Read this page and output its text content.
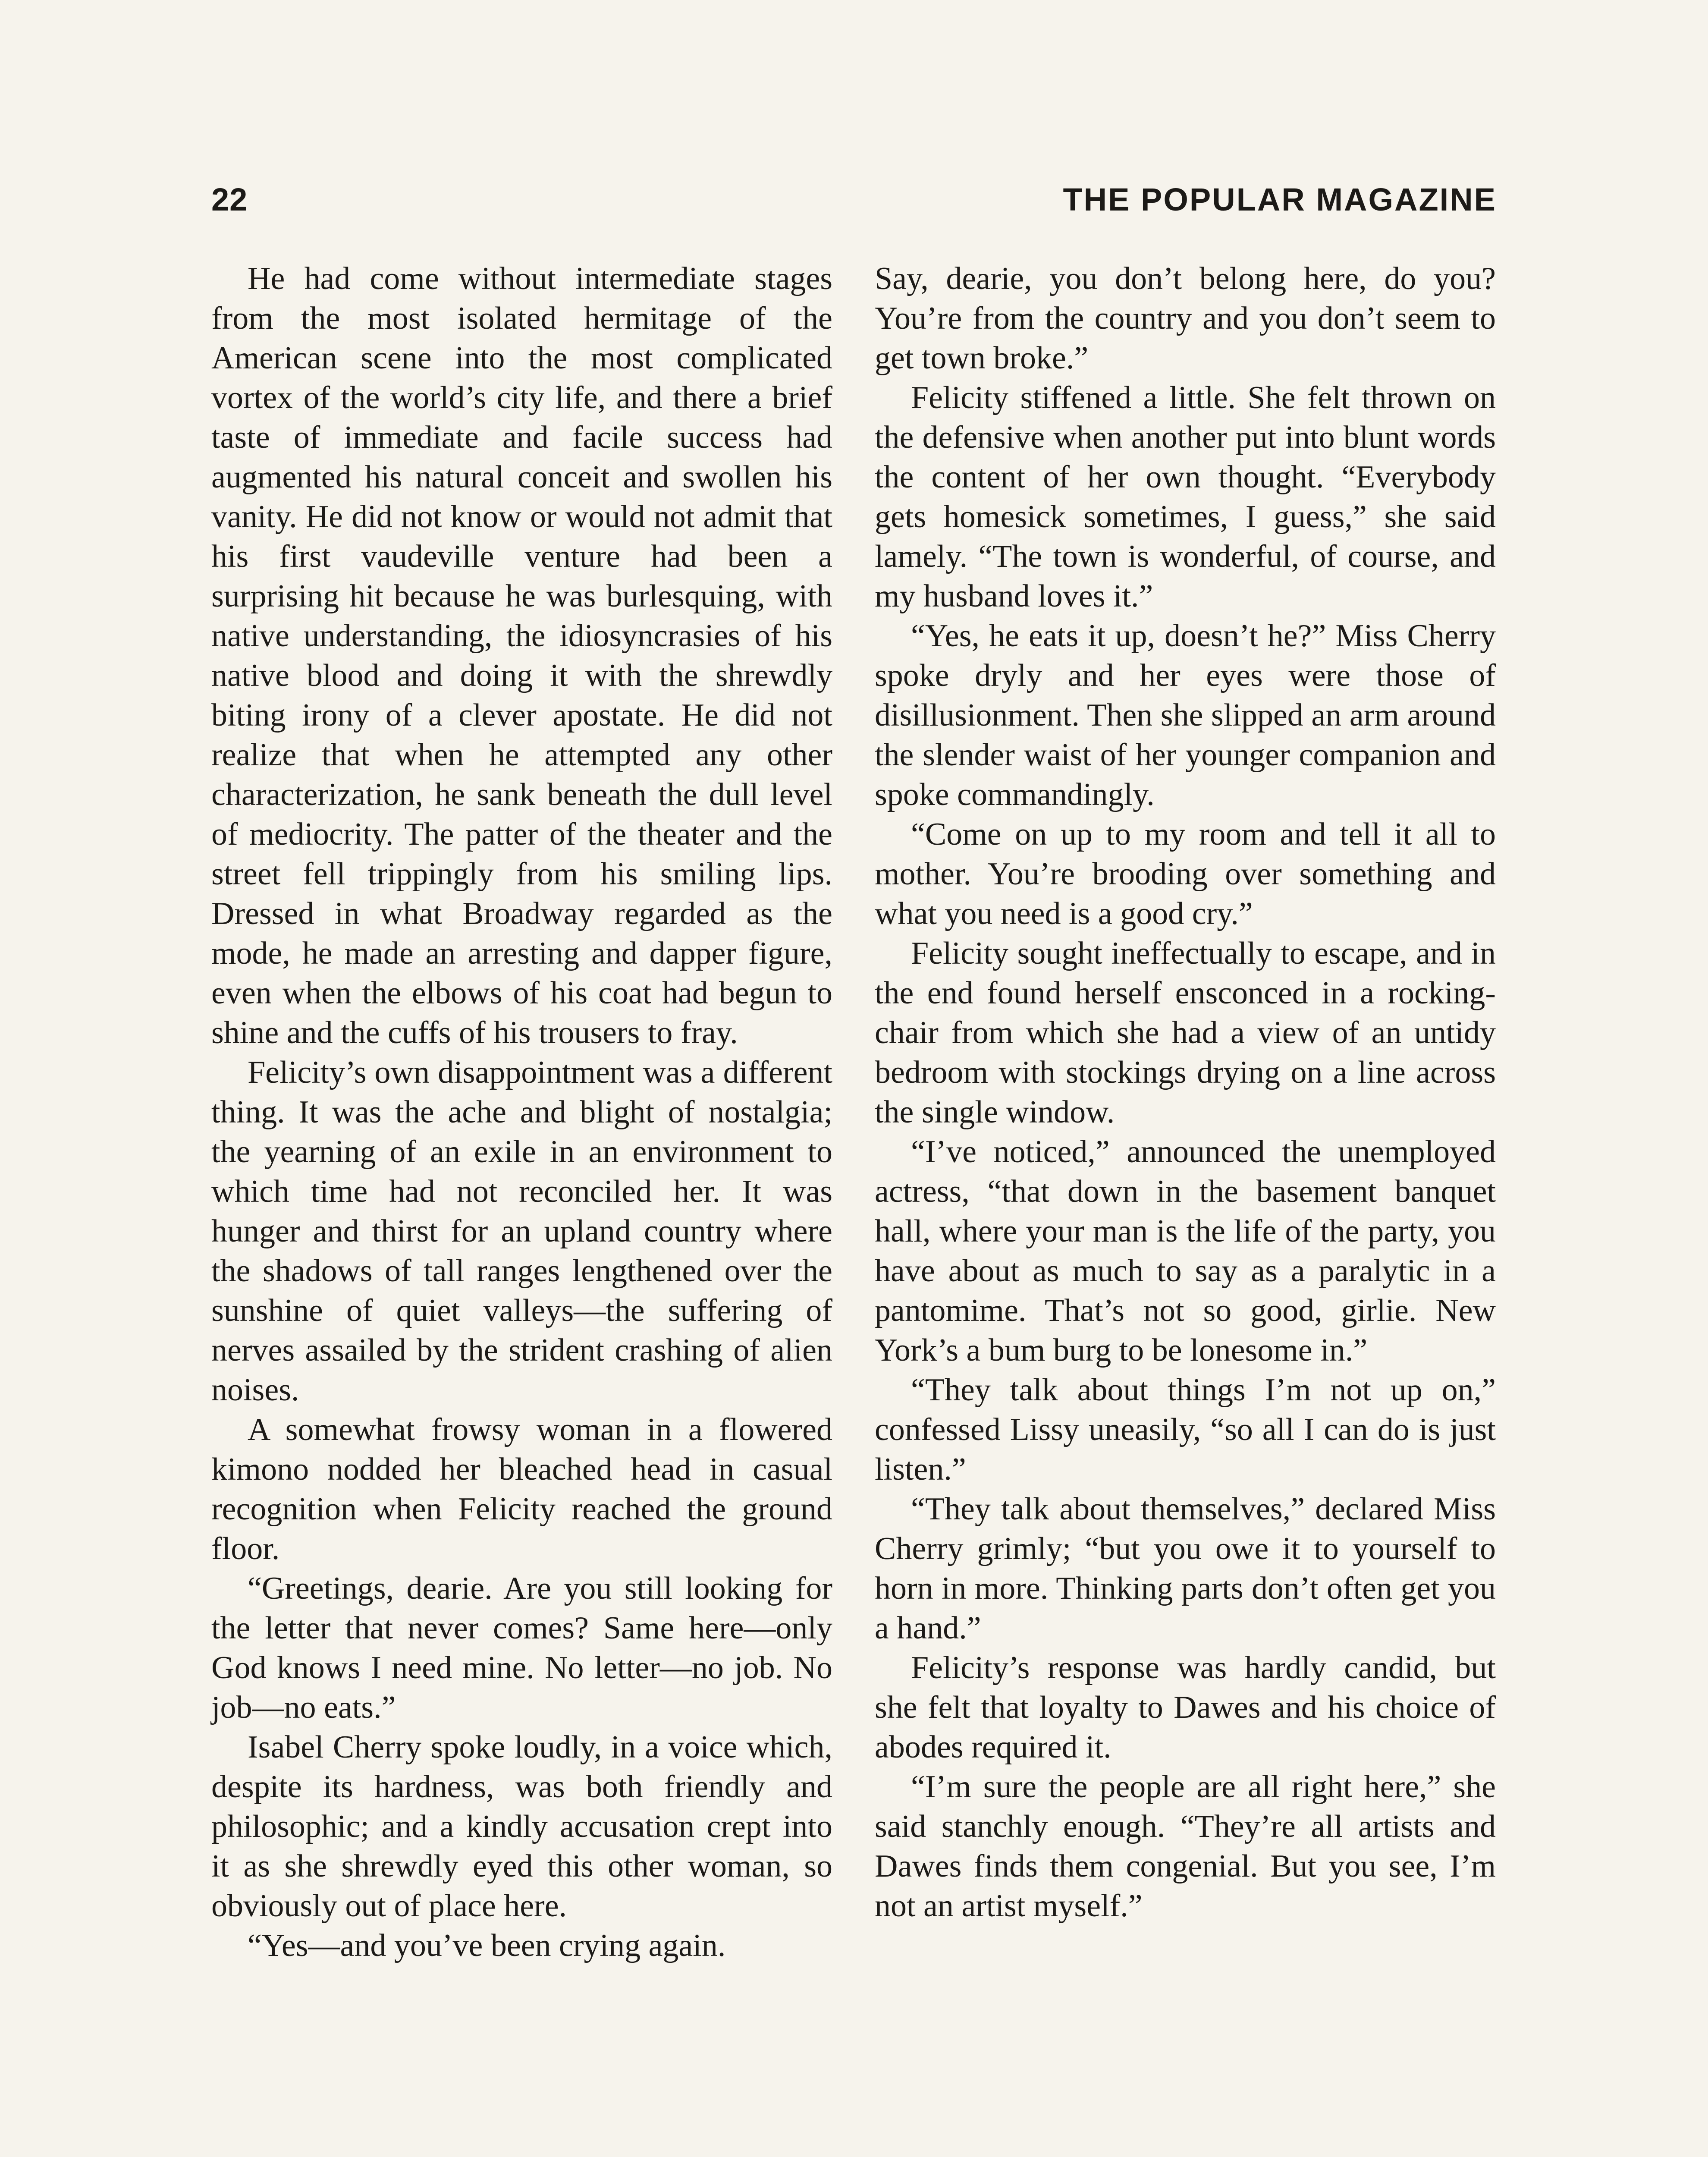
22	THE POPULAR MAGAZINE

He had come without intermediate stages from the most isolated hermitage of the American scene into the most complicated vortex of the world’s city life, and there a brief taste of immediate and facile success had augmented his natural conceit and swollen his vanity. He did not know or would not admit that his first vaudeville venture had been a surprising hit because he was burlesquing, with native understanding, the idiosyncrasies of his native blood and doing it with the shrewdly biting irony of a clever apostate. He did not realize that when he attempted any other characterization, he sank beneath the dull level of mediocrity. The patter of the theater and the street fell trippingly from his smiling lips. Dressed in what Broadway regarded as the mode, he made an arresting and dapper figure, even when the elbows of his coat had begun to shine and the cuffs of his trousers to fray.

Felicity’s own disappointment was a different thing. It was the ache and blight of nostalgia; the yearning of an exile in an environment to which time had not reconciled her. It was hunger and thirst for an upland country where the shadows of tall ranges lengthened over the sunshine of quiet valleys—the suffering of nerves assailed by the strident crashing of alien noises.

A somewhat frowsy woman in a flowered kimono nodded her bleached head in casual recognition when Felicity reached the ground floor.

“Greetings, dearie. Are you still looking for the letter that never comes? Same here—only God knows I need mine. No letter—no job. No job—no eats.”

Isabel Cherry spoke loudly, in a voice which, despite its hardness, was both friendly and philosophic; and a kindly accusation crept into it as she shrewdly eyed this other woman, so obviously out of place here.

“Yes—and you’ve been crying again.

Say, dearie, you don’t belong here, do you? You’re from the country and you don’t seem to get town broke.”

Felicity stiffened a little. She felt thrown on the defensive when another put into blunt words the content of her own thought. “Everybody gets homesick sometimes, I guess,” she said lamely. “The town is wonderful, of course, and my husband loves it.”

“Yes, he eats it up, doesn’t he?” Miss Cherry spoke dryly and her eyes were those of disillusionment. Then she slipped an arm around the slender waist of her younger companion and spoke commandingly.

“Come on up to my room and tell it all to mother. You’re brooding over something and what you need is a good cry.”

Felicity sought ineffectually to escape, and in the end found herself ensconced in a rocking-chair from which she had a view of an untidy bedroom with stockings drying on a line across the single window.

“I’ve noticed,” announced the unemployed actress, “that down in the basement banquet hall, where your man is the life of the party, you have about as much to say as a paralytic in a pantomime. That’s not so good, girlie. New York’s a bum burg to be lonesome in.”

“They talk about things I’m not up on,” confessed Lissy uneasily, “so all I can do is just listen.”

“They talk about themselves,” declared Miss Cherry grimly; “but you owe it to yourself to horn in more. Thinking parts don’t often get you a hand.”

Felicity’s response was hardly candid, but she felt that loyalty to Dawes and his choice of abodes required it.

“I’m sure the people are all right here,” she said stanchly enough. “They’re all artists and Dawes finds them congenial. But you see, I’m not an artist myself.”
